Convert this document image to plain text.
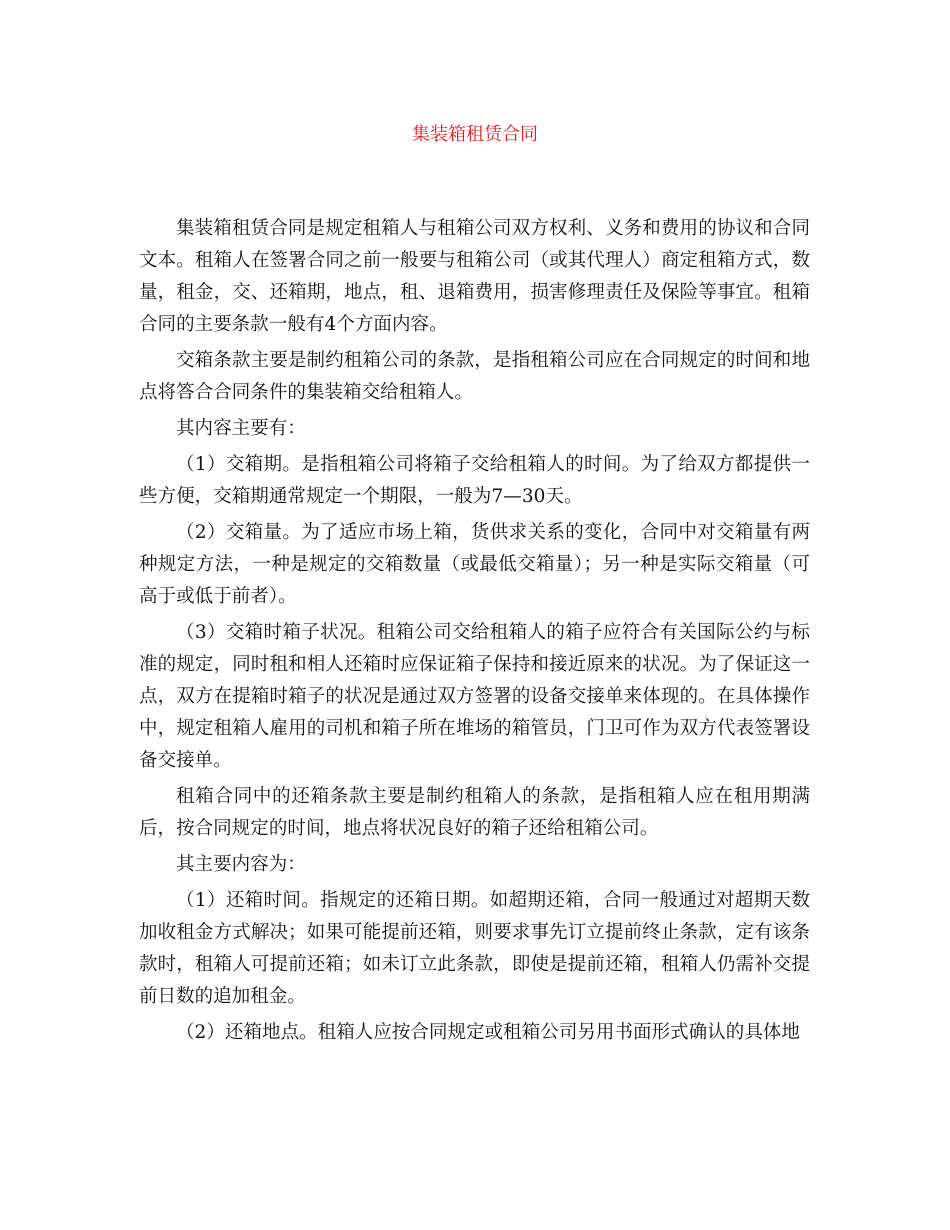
集装箱租赁合同

集装箱租赁合同是规定租箱人与租箱公司双方权利、义务和费用的协议和合同文本。租箱人在签署合同之前一般要与租箱公司（或其代理人）商定租箱方式，数量，租金，交、还箱期，地点，租、退箱费用，损害修理责任及保险等事宜。租箱合同的主要条款一般有4个方面内容。

交箱条款主要是制约租箱公司的条款，是指租箱公司应在合同规定的时间和地点将答合合同条件的集装箱交给租箱人。

其内容主要有：

（1）交箱期。是指租箱公司将箱子交给租箱人的时间。为了给双方都提供一些方便，交箱期通常规定一个期限，一般为7—30天。

（2）交箱量。为了适应市场上箱，货供求关系的变化，合同中对交箱量有两种规定方法，一种是规定的交箱数量（或最低交箱量）；另一种是实际交箱量（可高于或低于前者）。

（3）交箱时箱子状况。租箱公司交给租箱人的箱子应符合有关国际公约与标准的规定，同时租和相人还箱时应保证箱子保持和接近原来的状况。为了保证这一点，双方在提箱时箱子的状况是通过双方签署的设备交接单来体现的。在具体操作中，规定租箱人雇用的司机和箱子所在堆场的箱管员，门卫可作为双方代表签署设备交接单。

租箱合同中的还箱条款主要是制约租箱人的条款，是指租箱人应在租用期满后，按合同规定的时间，地点将状况良好的箱子还给租箱公司。

其主要内容为：

（1）还箱时间。指规定的还箱日期。如超期还箱，合同一般通过对超期天数加收租金方式解决；如果可能提前还箱，则要求事先订立提前终止条款，定有该条款时，租箱人可提前还箱；如未订立此条款，即使是提前还箱，租箱人仍需补交提前日数的追加租金。

（2）还箱地点。租箱人应按合同规定或租箱公司另用书面形式确认的具体地
